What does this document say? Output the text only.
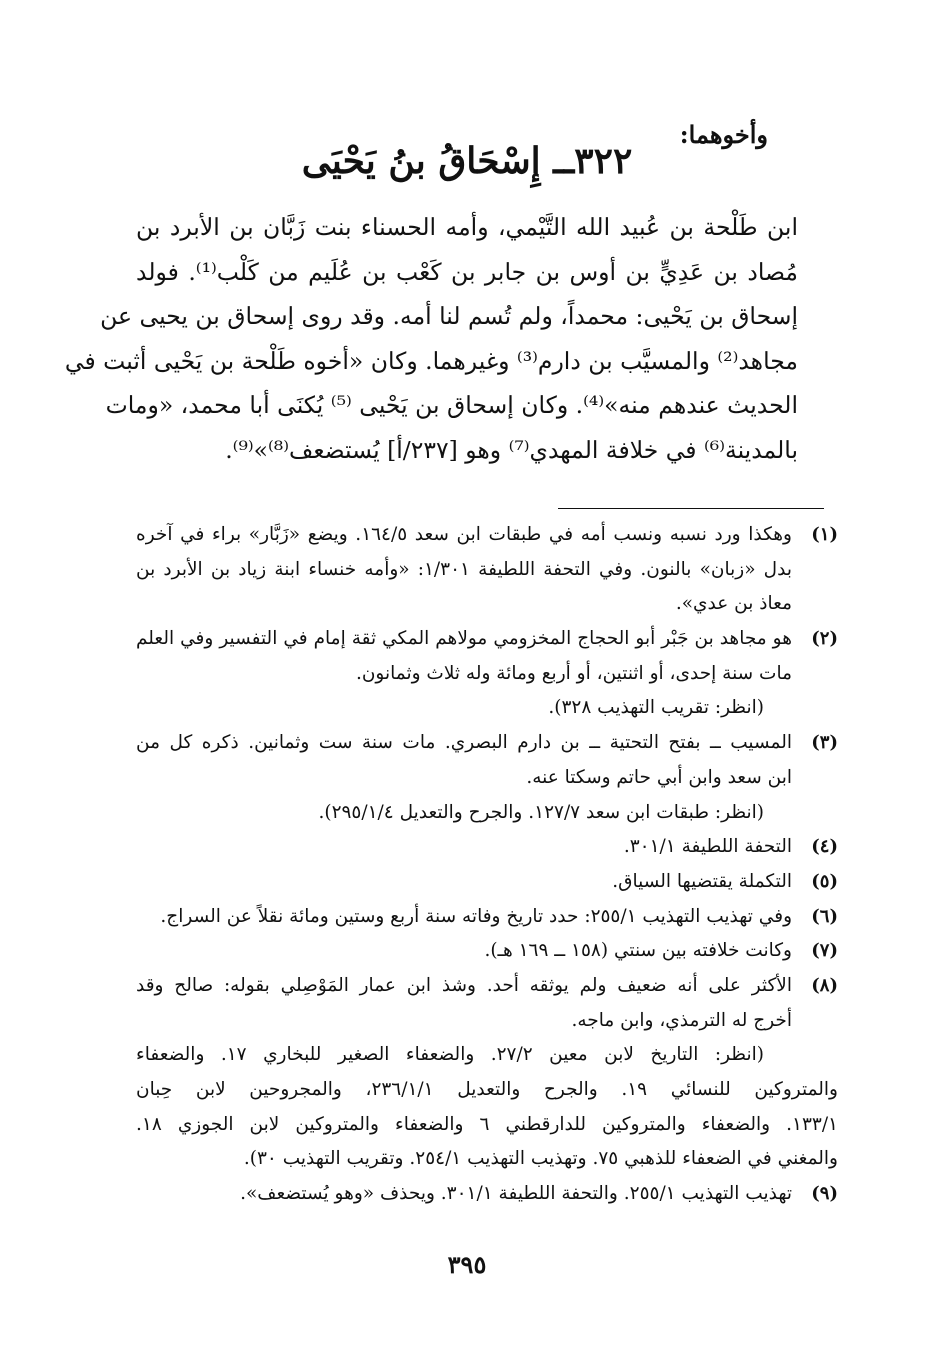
وأخوهما:
٣٢٢ــ إِسْحَاقُ بنُ يَحْيَى
ابن طَلْحة بن عُبيد الله التَّيْمي، وأمه الحسناء بنت زَبَّان بن الأبرد بن
مُصاد بن عَدِيٍّ بن أوس بن جابر بن كَعْب بن عُلَيم من كَلْب⁽¹⁾. فولد
إسحاق بن يَحْيى: محمداً، ولم تُسم لنا أمه. وقد روى إسحاق بن يحيى عن
مجاهد⁽²⁾ والمسيَّب بن دارم⁽³⁾ وغيرهما. وكان «أخوه طَلْحة بن يَحْيى أثبت في
الحديث عندهم منه»⁽⁴⁾. وكان إسحاق بن يَحْيى ⁽⁵⁾ يُكنَى أبا محمد، «ومات
بالمدينة⁽⁶⁾ في خلافة المهدي⁽⁷⁾ وهو [٢٣٧/أ] يُستضعف⁽⁸⁾»⁽⁹⁾.
(١)
وهكذا ورد نسبه ونسب أمه في طبقات ابن سعد ١٦٤/٥. ويضع «زَبَّار» براء في آخره
بدل «زبان» بالنون. وفي التحفة اللطيفة ١/٣٠١: «وأمه خنساء ابنة زياد بن الأبرد بن
معاذ بن عدي».
(٢)
هو مجاهد بن جَبْر أبو الحجاج المخزومي مولاهم المكي ثقة إمام في التفسير وفي العلم
مات سنة إحدى، أو اثنتين، أو أربع ومائة وله ثلاث وثمانون.
(انظر: تقريب التهذيب ٣٢٨).
(٣)
المسيب ــ بفتح التحتية ــ بن دارم البصري. مات سنة ست وثمانين. ذكره كل من
ابن سعد وابن أبي حاتم وسكتا عنه.
(انظر: طبقات ابن سعد ١٢٧/٧. والجرح والتعديل ٢٩٥/١/٤).
(٤)
التحفة اللطيفة ٣٠١/١.
(٥)
التكملة يقتضيها السياق.
(٦)
وفي تهذيب التهذيب ٢٥٥/١: حدد تاريخ وفاته سنة أربع وستين ومائة نقلاً عن السراج.
(٧)
وكانت خلافته بين سنتي (١٥٨ ــ ١٦٩ هـ).
(٨)
الأكثر على أنه ضعيف ولم يوثقه أحد. وشذ ابن عمار المَوْصِلي بقوله: صالح وقد
أخرج له الترمذي، وابن ماجه.
(انظر: التاريخ لابن معين ٢٧/٢. والضعفاء الصغير للبخاري ١٧. والضعفاء
والمتروكين للنسائي ١٩. والجرح والتعديل ٢٣٦/١/١، والمجروحين لابن حِبان
١٣٣/١. والضعفاء والمتروكين للدارقطني ٦ والضعفاء والمتروكين لابن الجوزي ١٨.
والمغني في الضعفاء للذهبي ٧٥. وتهذيب التهذيب ٢٥٤/١. وتقريب التهذيب ٣٠).
(٩)
تهذيب التهذيب ٢٥٥/١. والتحفة اللطيفة ٣٠١/١. ويحذف «وهو يُستضعف».
٣٩٥
